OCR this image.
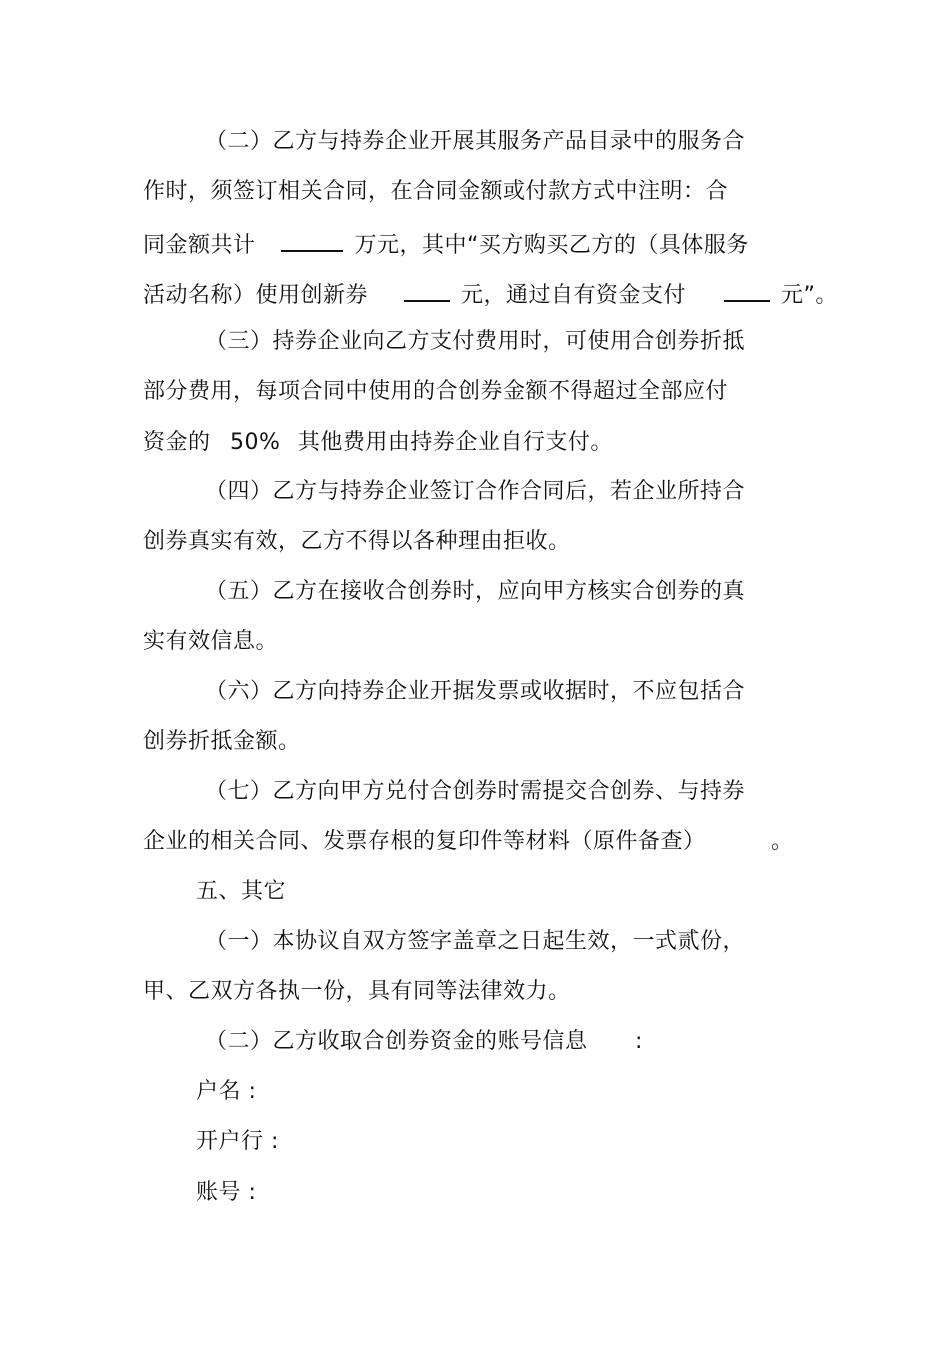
（二）乙方与持券企业开展其服务产品目录中的服务合
作时，须签订相关合同，在合同金额或付款方式中注明：合
同金额共计	万元，其中“买方购买乙方的（具体服务
活动名称）使用创新券	元，通过自有资金支付	元”。
（三）持券企业向乙方支付费用时，可使用合创券折抵
部分费用，每项合同中使用的合创券金额不得超过全部应付
资金的 50% 其他费用由持券企业自行支付。
（四）乙方与持券企业签订合作合同后，若企业所持合
创券真实有效，乙方不得以各种理由拒收。
（五）乙方在接收合创券时，应向甲方核实合创券的真
实有效信息。
（六）乙方向持券企业开据发票或收据时，不应包括合
创券折抵金额。
（七）乙方向甲方兑付合创券时需提交合创券、与持券
企业的相关合同、发票存根的复印件等材料（原件备查）	。
五、其它
（一）本协议自双方签字盖章之日起生效，一式贰份，
甲、乙双方各执一份，具有同等法律效力。
（二）乙方收取合创券资金的账号信息 :
户名 :
开户行 :
账号 :
